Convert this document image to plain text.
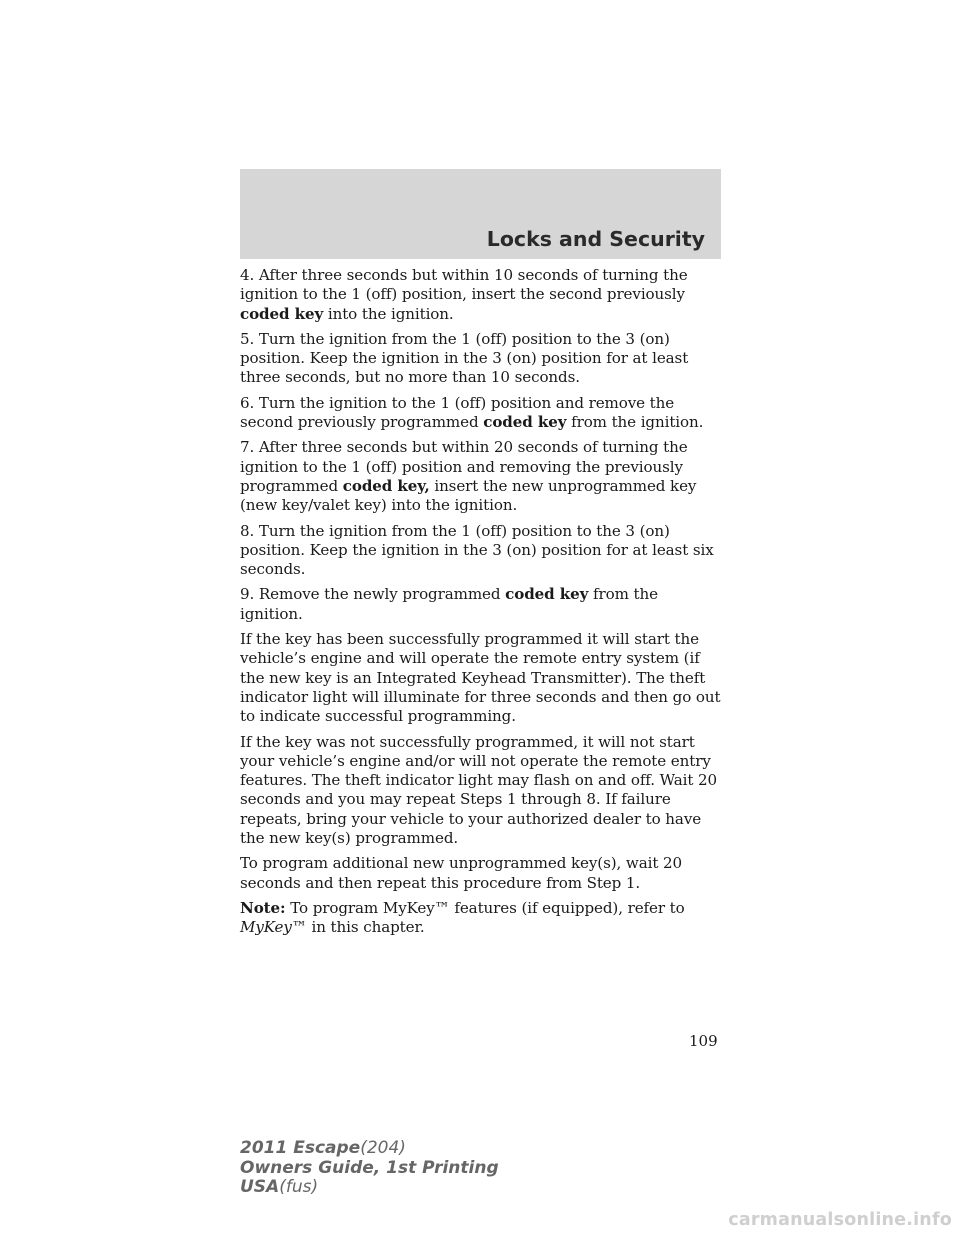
Locks and Security

4. After three seconds but within 10 seconds of turning the ignition to the 1 (off) position, insert the second previously coded key into the ignition.

5. Turn the ignition from the 1 (off) position to the 3 (on) position. Keep the ignition in the 3 (on) position for at least three seconds, but no more than 10 seconds.

6. Turn the ignition to the 1 (off) position and remove the second previously programmed coded key from the ignition.

7. After three seconds but within 20 seconds of turning the ignition to the 1 (off) position and removing the previously programmed coded key, insert the new unprogrammed key (new key/valet key) into the ignition.

8. Turn the ignition from the 1 (off) position to the 3 (on) position. Keep the ignition in the 3 (on) position for at least six seconds.

9. Remove the newly programmed coded key from the ignition.

If the key has been successfully programmed it will start the vehicle’s engine and will operate the remote entry system (if the new key is an Integrated Keyhead Transmitter). The theft indicator light will illuminate for three seconds and then go out to indicate successful programming.

If the key was not successfully programmed, it will not start your vehicle’s engine and/or will not operate the remote entry features. The theft indicator light may flash on and off. Wait 20 seconds and you may repeat Steps 1 through 8. If failure repeats, bring your vehicle to your authorized dealer to have the new key(s) programmed.

To program additional new unprogrammed key(s), wait 20 seconds and then repeat this procedure from Step 1.

Note: To program MyKey™ features (if equipped), refer to MyKey™ in this chapter.

109
2011 Escape(204)
Owners Guide, 1st Printing
USA(fus)
carmanualsonline.info
